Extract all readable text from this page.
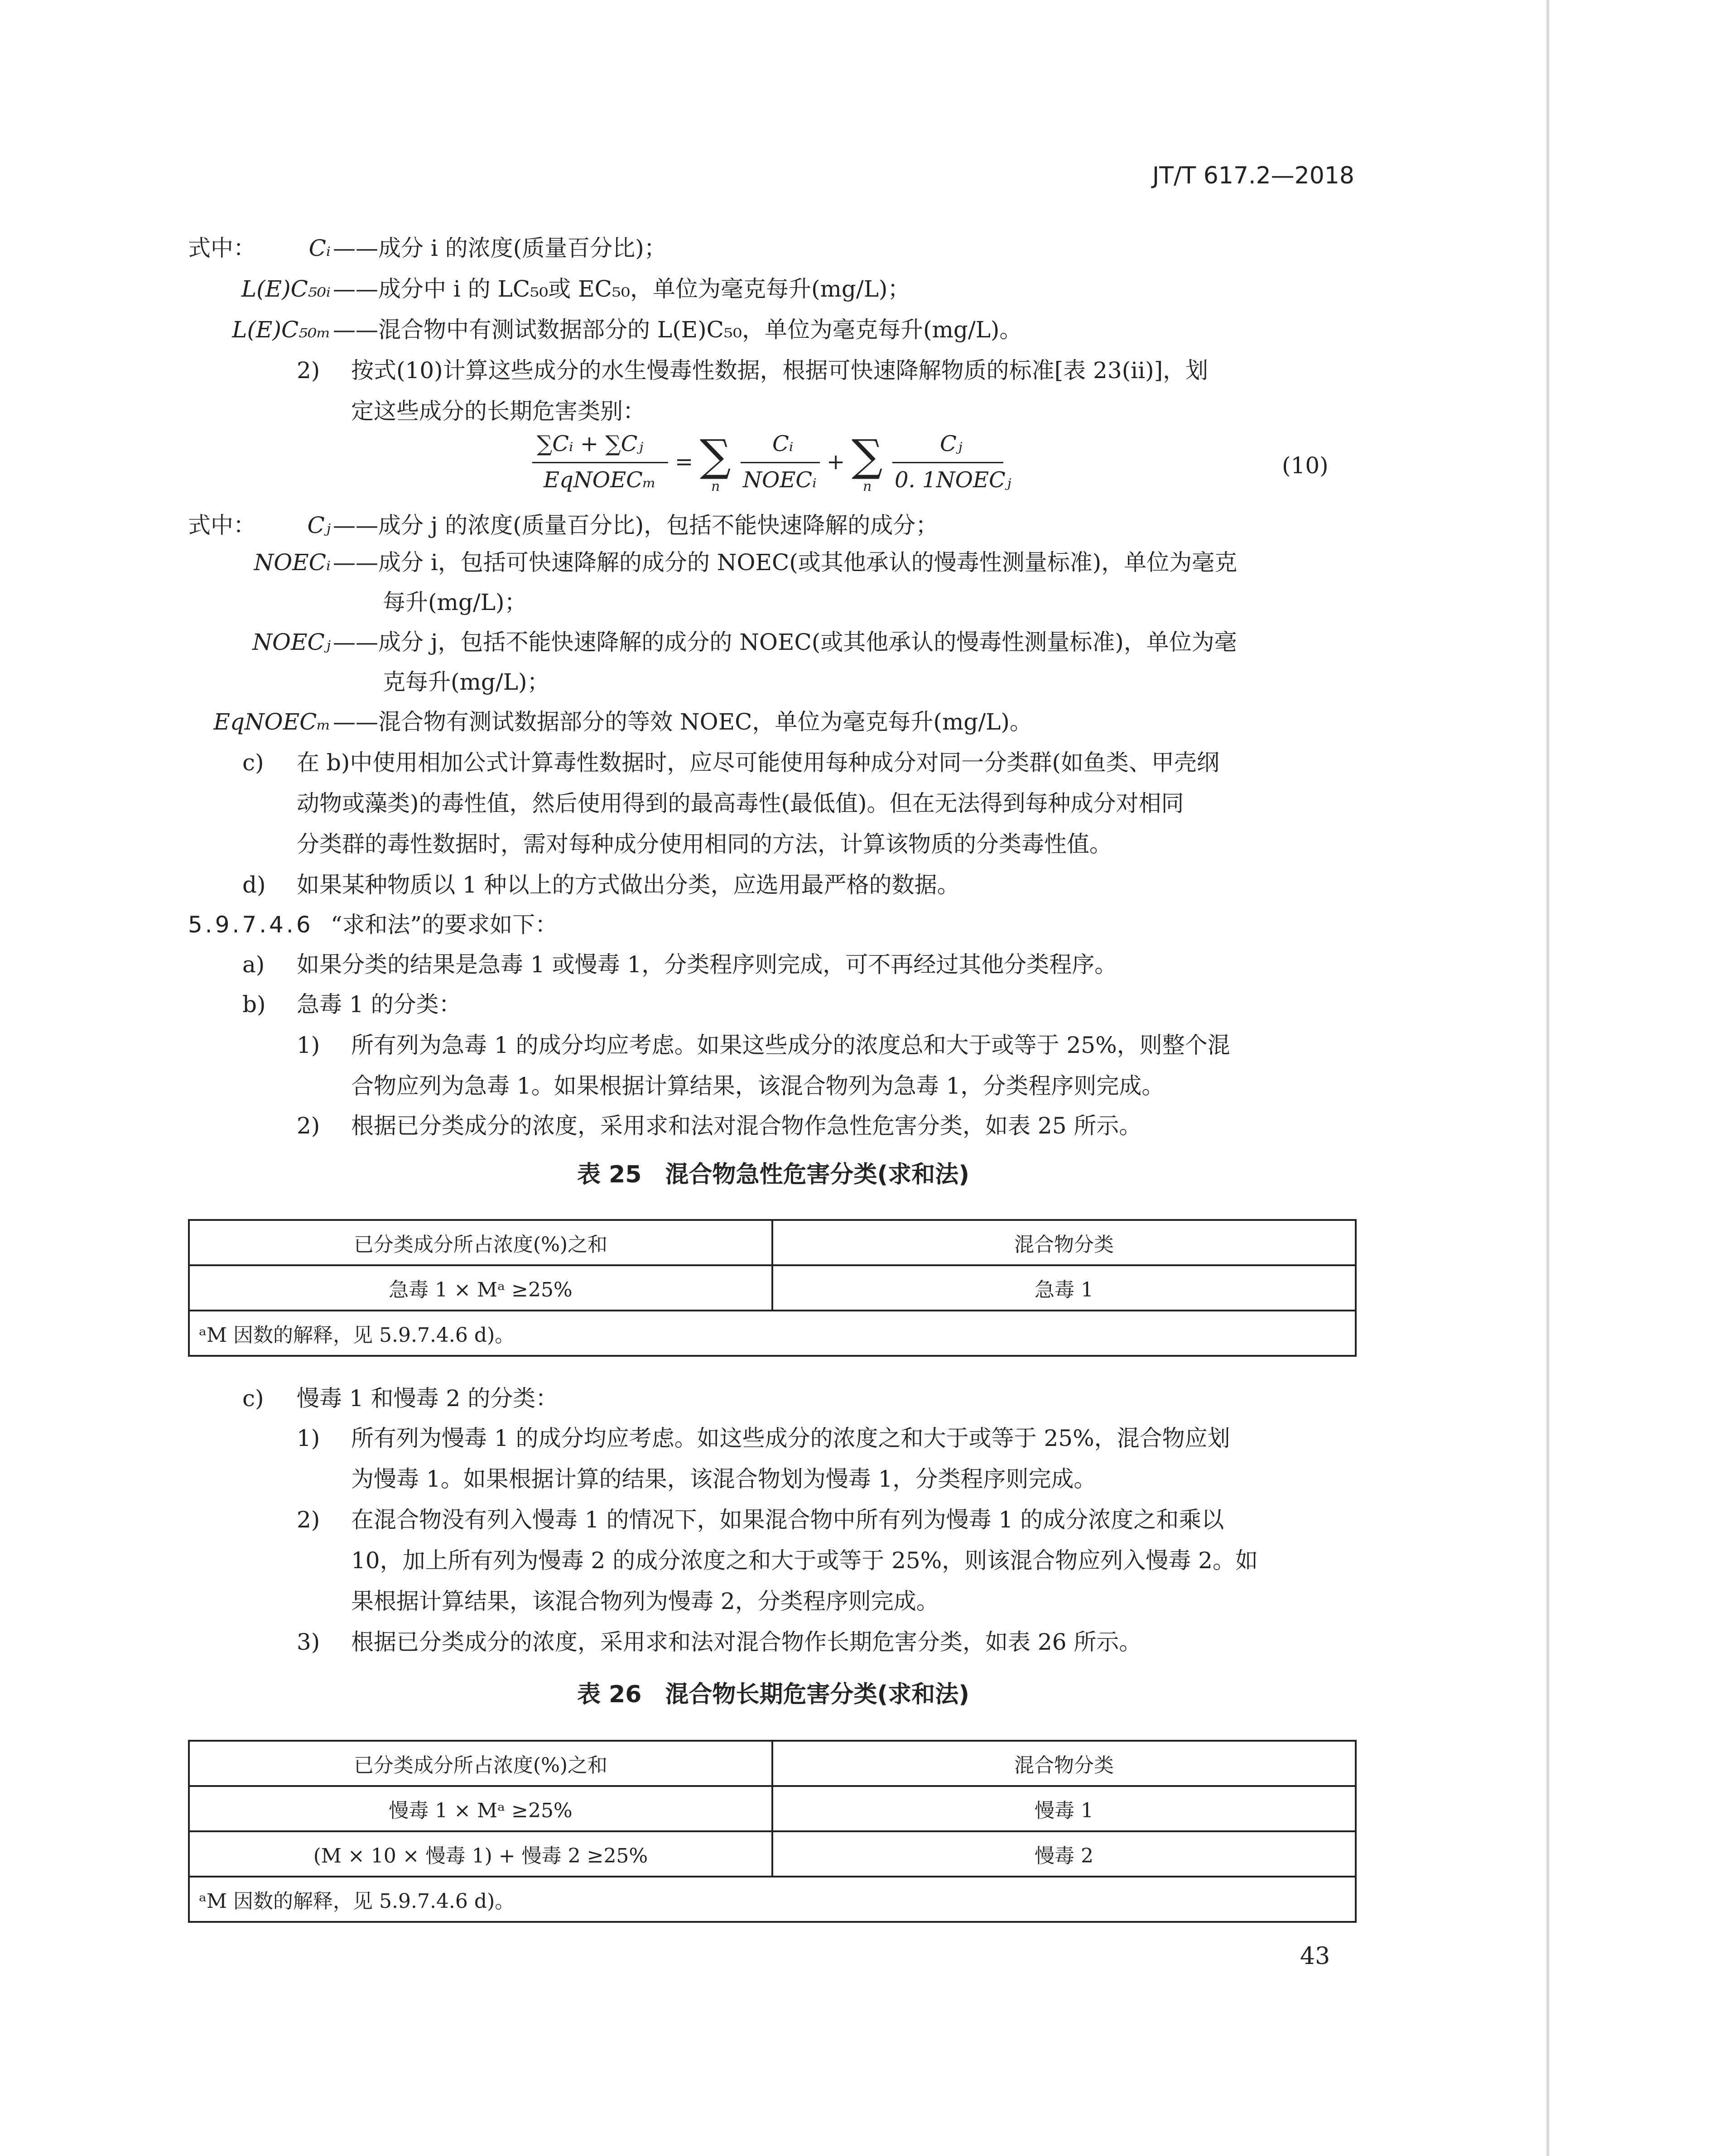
JT/T 617.2—2018
式中：	Cᵢ ——成分 i 的浓度(质量百分比)；
L(E)C₅₀ᵢ ——成分中 i 的 LC₅₀或 EC₅₀，单位为毫克每升(mg/L)；
L(E)C₅₀ₘ ——混合物中有测试数据部分的 L(E)C₅₀，单位为毫克每升(mg/L)。
2) 按式(10)计算这些成分的水生慢毒性数据，根据可快速降解物质的标准[表 23(ii)]，划
定这些成分的长期危害类别：
∑Cᵢ + ∑Cⱼ
EqNOECₘ
= ∑
n
Cᵢ
NOECᵢ
+ ∑
n
Cⱼ
0. 1NOECⱼ
(10)
式中：	Cⱼ ——成分 j 的浓度(质量百分比)，包括不能快速降解的成分；
NOECᵢ ——成分 i，包括可快速降解的成分的 NOEC(或其他承认的慢毒性测量标准)，单位为毫克
每升(mg/L)；
NOECⱼ ——成分 j，包括不能快速降解的成分的 NOEC(或其他承认的慢毒性测量标准)，单位为毫
克每升(mg/L)；
EqNOECₘ ——混合物有测试数据部分的等效 NOEC，单位为毫克每升(mg/L)。
c) 在 b)中使用相加公式计算毒性数据时，应尽可能使用每种成分对同一分类群(如鱼类、甲壳纲
动物或藻类)的毒性值，然后使用得到的最高毒性(最低值)。但在无法得到每种成分对相同
分类群的毒性数据时，需对每种成分使用相同的方法，计算该物质的分类毒性值。
d) 如果某种物质以 1 种以上的方式做出分类，应选用最严格的数据。
5.9.7.4.6 “求和法”的要求如下：
a) 如果分类的结果是急毒 1 或慢毒 1，分类程序则完成，可不再经过其他分类程序。
b) 急毒 1 的分类：
1) 所有列为急毒 1 的成分均应考虑。如果这些成分的浓度总和大于或等于 25%，则整个混
合物应列为急毒 1。如果根据计算结果，该混合物列为急毒 1，分类程序则完成。
2) 根据已分类成分的浓度，采用求和法对混合物作急性危害分类，如表 25 所示。
表 25　混合物急性危害分类(求和法)
已分类成分所占浓度(%)之和	混合物分类
急毒 1 × Mᵃ ≥25%	急毒 1
ᵃM 因数的解释，见 5.9.7.4.6 d)。	
c) 慢毒 1 和慢毒 2 的分类：
1) 所有列为慢毒 1 的成分均应考虑。如这些成分的浓度之和大于或等于 25%，混合物应划
为慢毒 1。如果根据计算的结果，该混合物划为慢毒 1，分类程序则完成。
2) 在混合物没有列入慢毒 1 的情况下，如果混合物中所有列为慢毒 1 的成分浓度之和乘以
10，加上所有列为慢毒 2 的成分浓度之和大于或等于 25%，则该混合物应列入慢毒 2。如
果根据计算结果，该混合物列为慢毒 2，分类程序则完成。
3) 根据已分类成分的浓度，采用求和法对混合物作长期危害分类，如表 26 所示。
表 26　混合物长期危害分类(求和法)
已分类成分所占浓度(%)之和	混合物分类
慢毒 1 × Mᵃ ≥25%	慢毒 1
(M × 10 × 慢毒 1) + 慢毒 2 ≥25%	慢毒 2
ᵃM 因数的解释，见 5.9.7.4.6 d)。	
43
